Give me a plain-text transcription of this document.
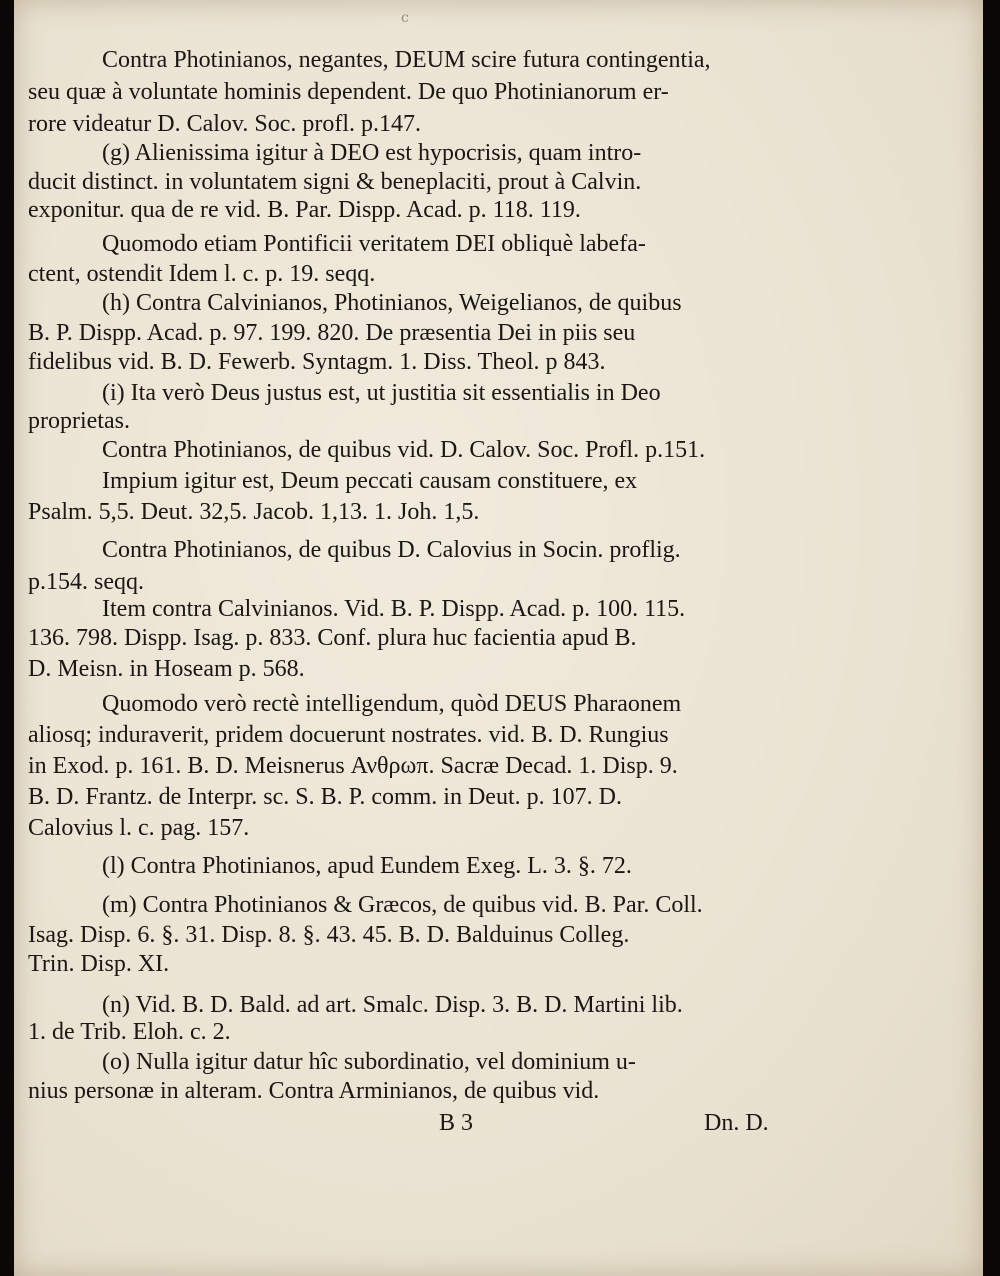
c
Contra Photinianos, negantes, DEUM scire futura contingentia,
seu quæ à voluntate hominis dependent. De quo Photinianorum er-
rore videatur D. Calov. Soc. profl. p.147.
(g) Alienissima igitur à DEO est hypocrisis, quam intro-
ducit distinct. in voluntatem signi & beneplaciti, prout à Calvin.
exponitur. qua de re vid. B. Par. Dispp. Acad. p. 118. 119.
Quomodo etiam Pontificii veritatem DEI obliquè labefa-
ctent, ostendit Idem l. c. p. 19. seqq.
(h) Contra Calvinianos, Photinianos, Weigelianos, de quibus
B. P. Dispp. Acad. p. 97. 199. 820. De præsentia Dei in piis seu
fidelibus vid. B. D. Fewerb. Syntagm. 1. Diss. Theol. p 843.
(i) Ita verò Deus justus est, ut justitia sit essentialis in Deo
proprietas.
Contra Photinianos, de quibus vid. D. Calov. Soc. Profl. p.151.
Impium igitur est, Deum peccati causam constituere, ex
Psalm. 5,5. Deut. 32,5. Jacob. 1,13. 1. Joh. 1,5.
Contra Photinianos, de quibus D. Calovius in Socin. proflig.
p.154. seqq.
Item contra Calvinianos. Vid. B. P. Dispp. Acad. p. 100. 115.
136. 798. Dispp. Isag. p. 833. Conf. plura huc facientia apud B.
D. Meisn. in Hoseam p. 568.
Quomodo verò rectè intelligendum, quòd DEUS Pharaonem
aliosq; induraverit, pridem docuerunt nostrates. vid. B. D. Rungius
in Exod. p. 161. B. D. Meisnerus Ανθρωπ. Sacræ Decad. 1. Disp. 9.
B. D. Frantz. de Interpr. sc. S. B. P. comm. in Deut. p. 107. D.
Calovius l. c. pag. 157.
(l) Contra Photinianos, apud Eundem Exeg. L. 3. §. 72.
(m) Contra Photinianos & Græcos, de quibus vid. B. Par. Coll.
Isag. Disp. 6. §. 31. Disp. 8. §. 43. 45. B. D. Balduinus Colleg.
Trin. Disp. XI.
(n) Vid. B. D. Bald. ad art. Smalc. Disp. 3. B. D. Martini lib.
1. de Trib. Eloh. c. 2.
(o) Nulla igitur datur hîc subordinatio, vel dominium u-
nius personæ in alteram. Contra Arminianos, de quibus vid.
B 3	Dn. D.
